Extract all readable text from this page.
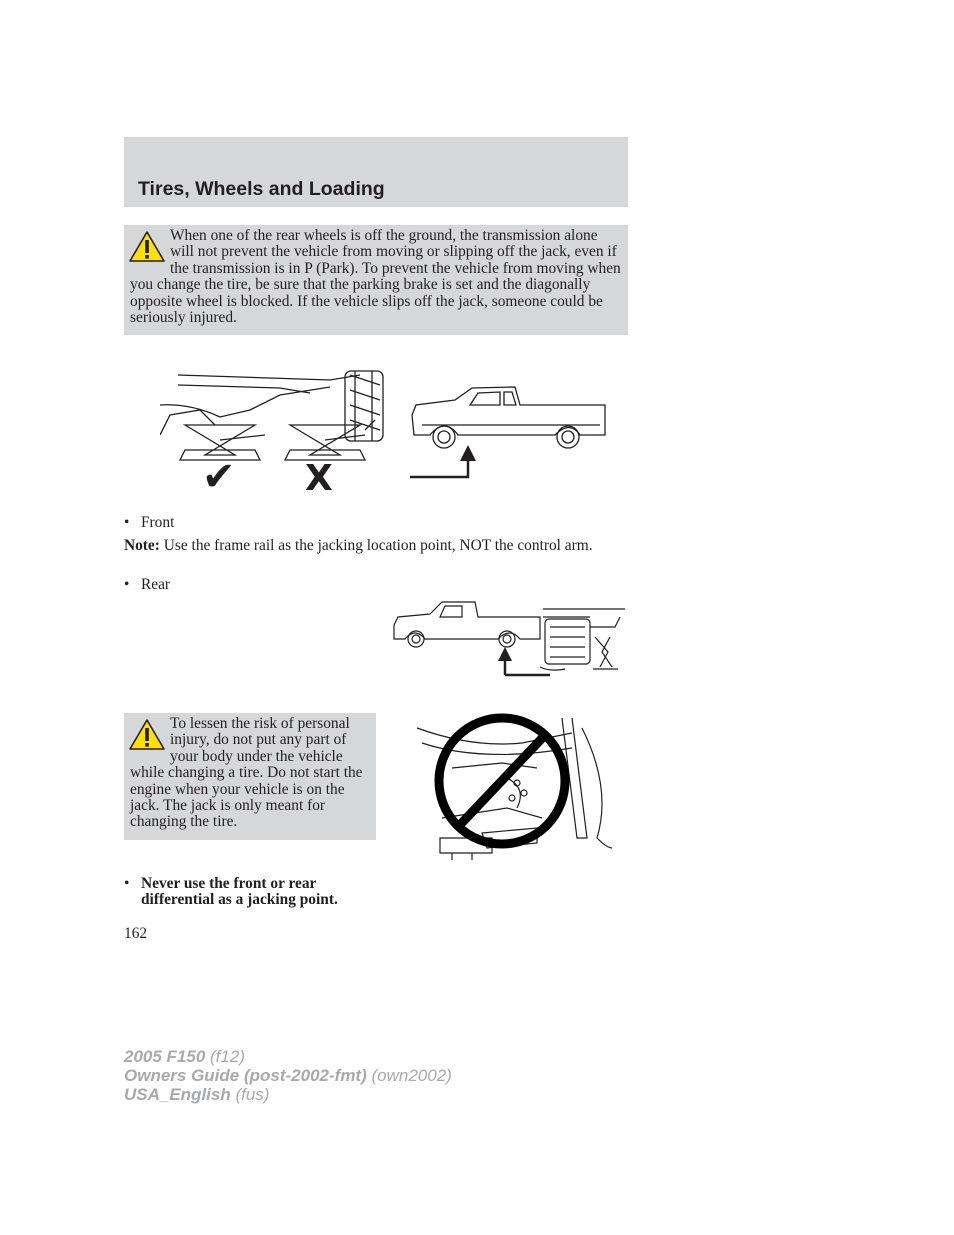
Tires, Wheels and Loading
When one of the rear wheels is off the ground, the transmission alone will not prevent the vehicle from moving or slipping off the jack, even if the transmission is in P (Park). To prevent the vehicle from moving when you change the tire, be sure that the parking brake is set and the diagonally opposite wheel is blocked. If the vehicle slips off the jack, someone could be seriously injured.
✔ X
• Front
Note: Use the frame rail as the jacking location point, NOT the control arm.
• Rear
To lessen the risk of personal injury, do not put any part of your body under the vehicle while changing a tire. Do not start the engine when your vehicle is on the jack. The jack is only meant for changing the tire.
• Never use the front or rear differential as a jacking point.
162
2005 F150 (f12)
Owners Guide (post-2002-fmt) (own2002)
USA_English (fus)
